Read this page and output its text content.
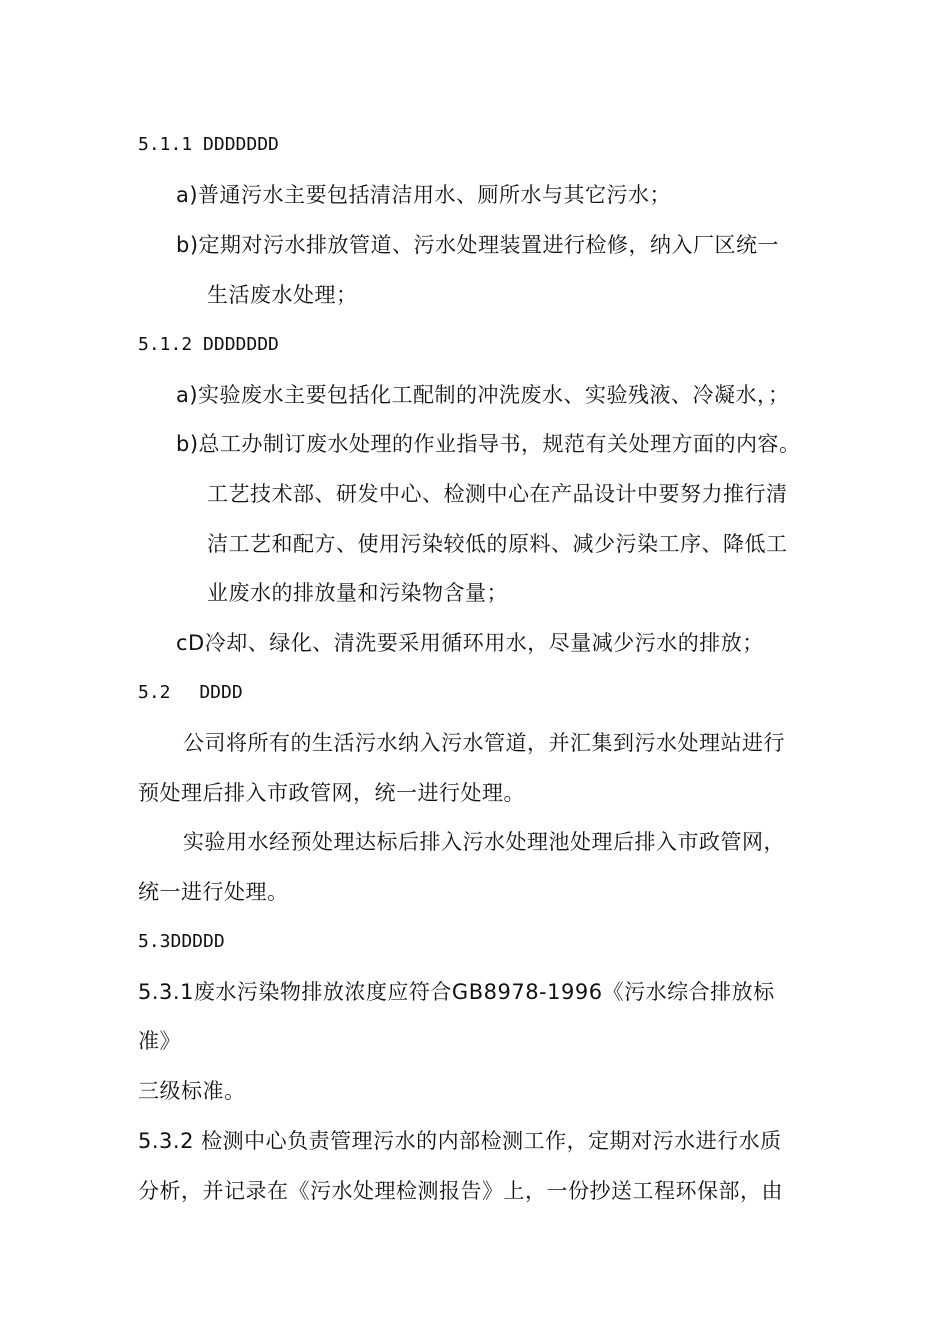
5.1.1 DDDDDDD
a)普通污水主要包括清洁用水、厕所水与其它污水；
b)定期对污水排放管道、污水处理装置进行检修，纳入厂区统一
生活废水处理；
5.1.2 DDDDDDD
a)实验废水主要包括化工配制的冲洗废水、实验残液、冷凝水，；
b)总工办制订废水处理的作业指导书，规范有关处理方面的内容。
工艺技术部、研发中心、检测中心在产品设计中要努力推行清
洁工艺和配方、使用污染较低的原料、减少污染工序、降低工
业废水的排放量和污染物含量；
cD冷却、绿化、清洗要采用循环用水，尽量减少污水的排放；
5.2　 DDDD
公司将所有的生活污水纳入污水管道，并汇集到污水处理站进行
预处理后排入市政管网，统一进行处理。
实验用水经预处理达标后排入污水处理池处理后排入市政管网，
统一进行处理。
5.3DDDDD
5.3.1废水污染物排放浓度应符合GB8978-1996《污水综合排放标
准》
三级标准。
5.3.2 检测中心负责管理污水的内部检测工作，定期对污水进行水质
分析，并记录在《污水处理检测报告》上，一份抄送工程环保部，由
